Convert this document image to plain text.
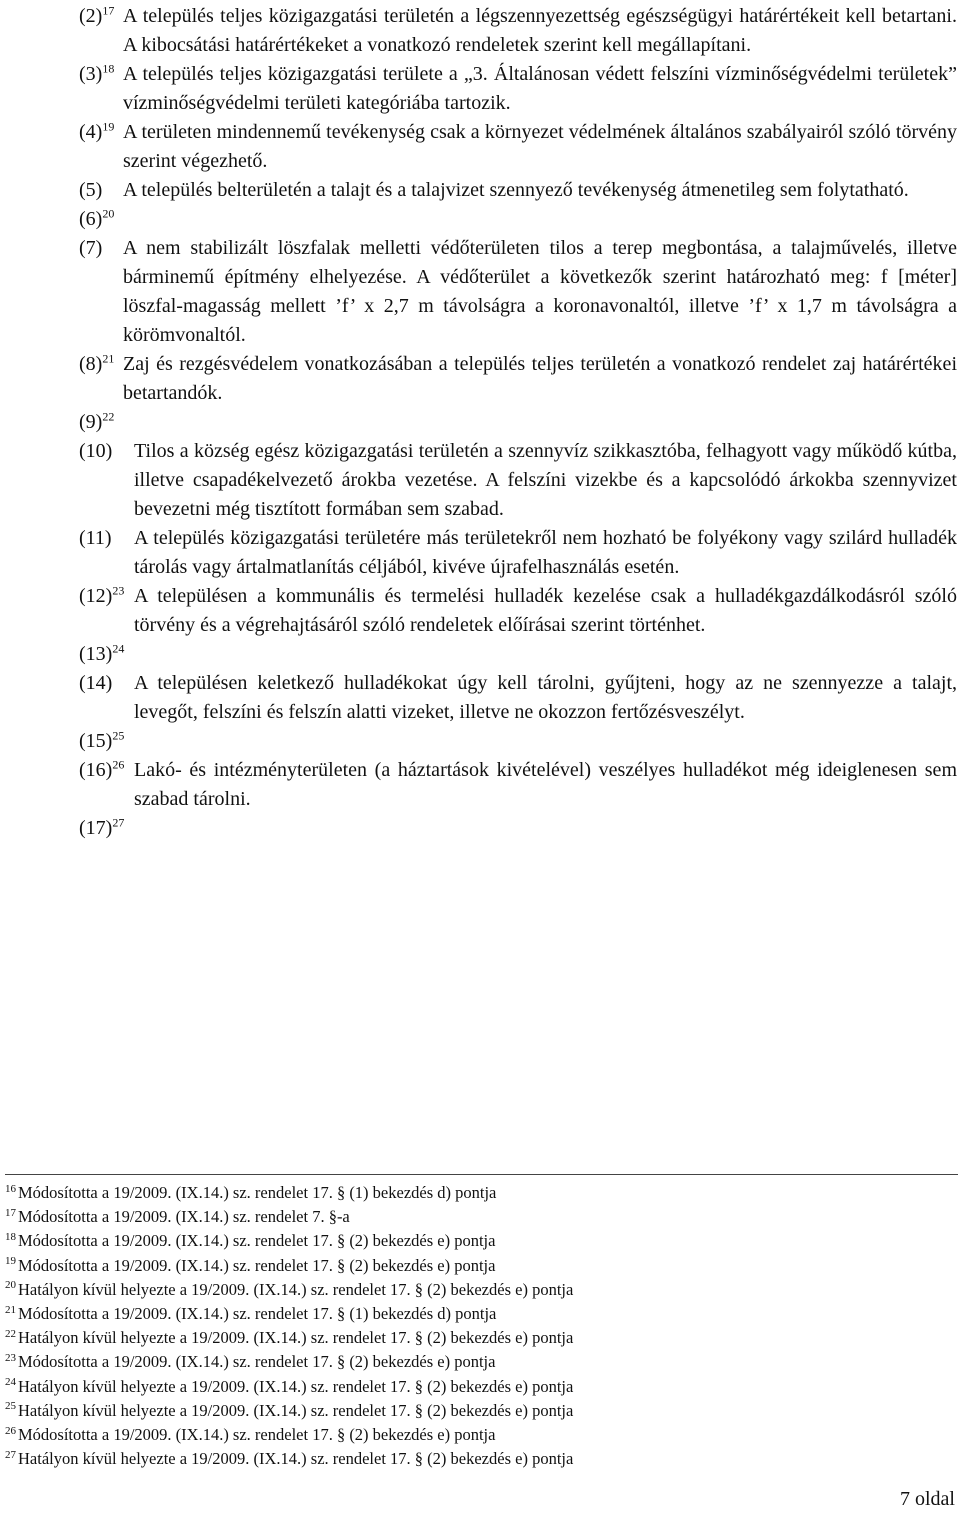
$(2)^{17}$ A település teljes közigazgatási területén a légszennyezettség egészségügyi határértékeit kell betartani. A kibocsátási határértékeket a vonatkozó rendeletek szerint kell megállapítani.
$(3)^{18}$ A település teljes közigazgatási területe a „3. Általánosan védett felszíni vízminőségvédelmi területek” vízminőségvédelmi területi kategóriába tartozik.
$(4)^{19}$ A területen mindennemű tevékenység csak a környezet védelmének általános szabályairól szóló törvény szerint végezhető.
(5)	A település belterületén a talajt és a talajvizet szennyező tevékenység átmenetileg sem folytatható.
$(6)^{20}$
(7)	A nem stabilizált löszfalak melletti védőterületen tilos a terep megbontása, a talajművelés, illetve bárminemű építmény elhelyezése. A védőterület a következők szerint határozható meg: f [méter] löszfal-magasság mellett ’f’ x 2,7 m távolságra a koronavonaltól, illetve ’f’ x 1,7 m távolságra a körömvonaltól.
$(8)^{21}$ Zaj és rezgésvédelem vonatkozásában a település teljes területén a vonatkozó rendelet zaj határértékei betartandók.
$(9)^{22}$
(10)	Tilos a község egész közigazgatási területén a szennyvíz szikkasztóba, felhagyott vagy működő kútba, illetve csapadékelvezető árokba vezetése. A felszíni vizekbe és a kapcsolódó árkokba szennyvizet bevezetni még tisztított formában sem szabad.
(11)	A település közigazgatási területére más területekről nem hozható be folyékony vagy szilárd hulladék tárolás vagy ártalmatlanítás céljából, kivéve újrafelhasználás esetén.
$(12)^{23}$ A településen a kommunális és termelési hulladék kezelése csak a hulladékgazdálkodásról szóló törvény és a végrehajtásáról szóló rendeletek előírásai szerint történhet.
$(13)^{24}$
(14)	A településen keletkező hulladékokat úgy kell tárolni, gyűjteni, hogy az ne szennyezze a talajt, levegőt, felszíni és felszín alatti vizeket, illetve ne okozzon fertőzésveszélyt.
$(15)^{25}$
$(16)^{26}$ Lakó- és intézményterületen (a háztartások kivételével) veszélyes hulladékot még ideiglenesen sem szabad tárolni.
$(17)^{27}$
$^{16}$ Módosította a 19/2009. (IX.14.) sz. rendelet 17. § (1) bekezdés d) pontja
$^{17}$ Módosította a 19/2009. (IX.14.) sz. rendelet 7. §-a
$^{18}$ Módosította a 19/2009. (IX.14.) sz. rendelet 17. § (2) bekezdés e) pontja
$^{19}$ Módosította a 19/2009. (IX.14.) sz. rendelet 17. § (2) bekezdés e) pontja
$^{20}$ Hatályon kívül helyezte a 19/2009. (IX.14.) sz. rendelet 17. § (2) bekezdés e) pontja
$^{21}$ Módosította a 19/2009. (IX.14.) sz. rendelet 17. § (1) bekezdés d) pontja
$^{22}$ Hatályon kívül helyezte a 19/2009. (IX.14.) sz. rendelet 17. § (2) bekezdés e) pontja
$^{23}$ Módosította a 19/2009. (IX.14.) sz. rendelet 17. § (2) bekezdés e) pontja
$^{24}$ Hatályon kívül helyezte a 19/2009. (IX.14.) sz. rendelet 17. § (2) bekezdés e) pontja
$^{25}$ Hatályon kívül helyezte a 19/2009. (IX.14.) sz. rendelet 17. § (2) bekezdés e) pontja
$^{26}$ Módosította a 19/2009. (IX.14.) sz. rendelet 17. § (2) bekezdés e) pontja
$^{27}$ Hatályon kívül helyezte a 19/2009. (IX.14.) sz. rendelet 17. § (2) bekezdés e) pontja
7 oldal
